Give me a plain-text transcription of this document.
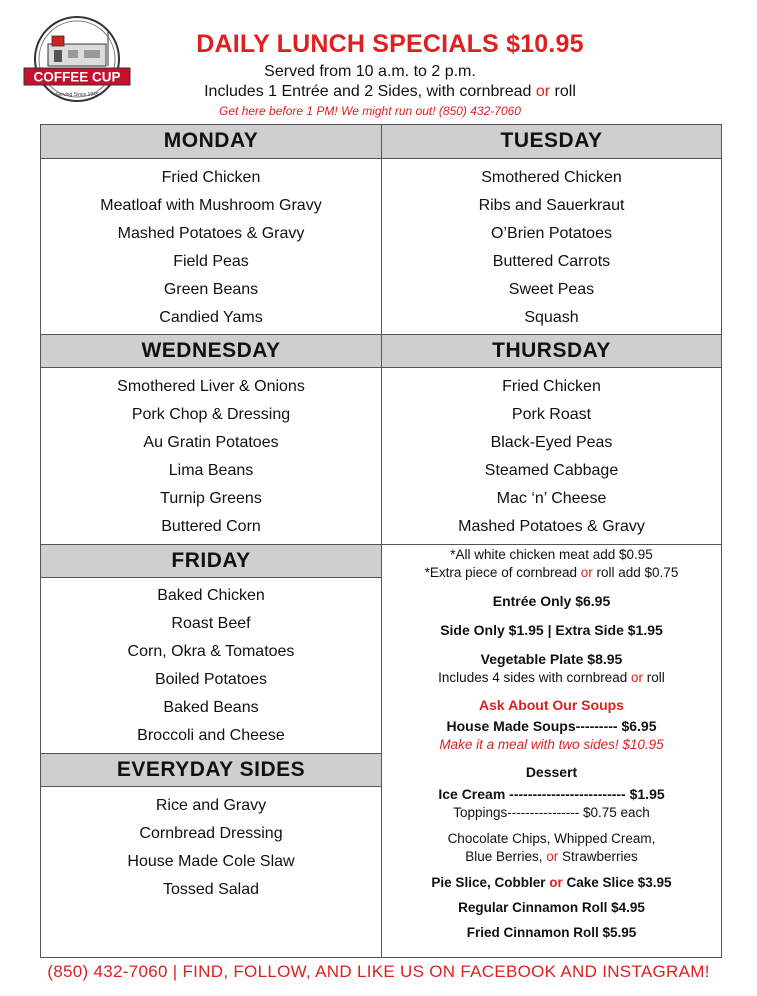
COFFEE CUP
Serving Since 1945
DAILY LUNCH SPECIALS $10.95
Served from 10 a.m. to 2 p.m.
Includes 1 Entrée and 2 Sides, with cornbread or roll
Get here before 1 PM! We might run out! (850) 432-7060
MONDAY	TUESDAY
Fried Chicken
Meatloaf with Mushroom Gravy
Mashed Potatoes & Gravy
Field Peas
Green Beans
Candied Yams
Smothered Chicken
Ribs and Sauerkraut
O’Brien Potatoes
Buttered Carrots
Sweet Peas
Squash
WEDNESDAY	THURSDAY
Smothered Liver & Onions
Pork Chop & Dressing
Au Gratin Potatoes
Lima Beans
Turnip Greens
Buttered Corn
Fried Chicken
Pork Roast
Black-Eyed Peas
Steamed Cabbage
Mac ‘n’ Cheese
Mashed Potatoes & Gravy
FRIDAY
Baked Chicken
Roast Beef
Corn, Okra & Tomatoes
Boiled Potatoes
Baked Beans
Broccoli and Cheese
EVERYDAY SIDES
Rice and Gravy
Cornbread Dressing
House Made Cole Slaw
Tossed Salad
*All white chicken meat add $0.95
*Extra piece of cornbread or roll add $0.75
Entrée Only $6.95
Side Only $1.95 | Extra Side $1.95
Vegetable Plate $8.95
Includes 4 sides with cornbread or roll
Ask About Our Soups
House Made Soups--------- $6.95
Make it a meal with two sides! $10.95
Dessert
Ice Cream ------------------------- $1.95
Toppings---------------- $0.75 each
Chocolate Chips, Whipped Cream,
Blue Berries, or Strawberries
Pie Slice, Cobbler or Cake Slice $3.95
Regular Cinnamon Roll $4.95
Fried Cinnamon Roll $5.95
(850) 432-7060 | FIND, FOLLOW, AND LIKE US ON FACEBOOK AND INSTAGRAM!
